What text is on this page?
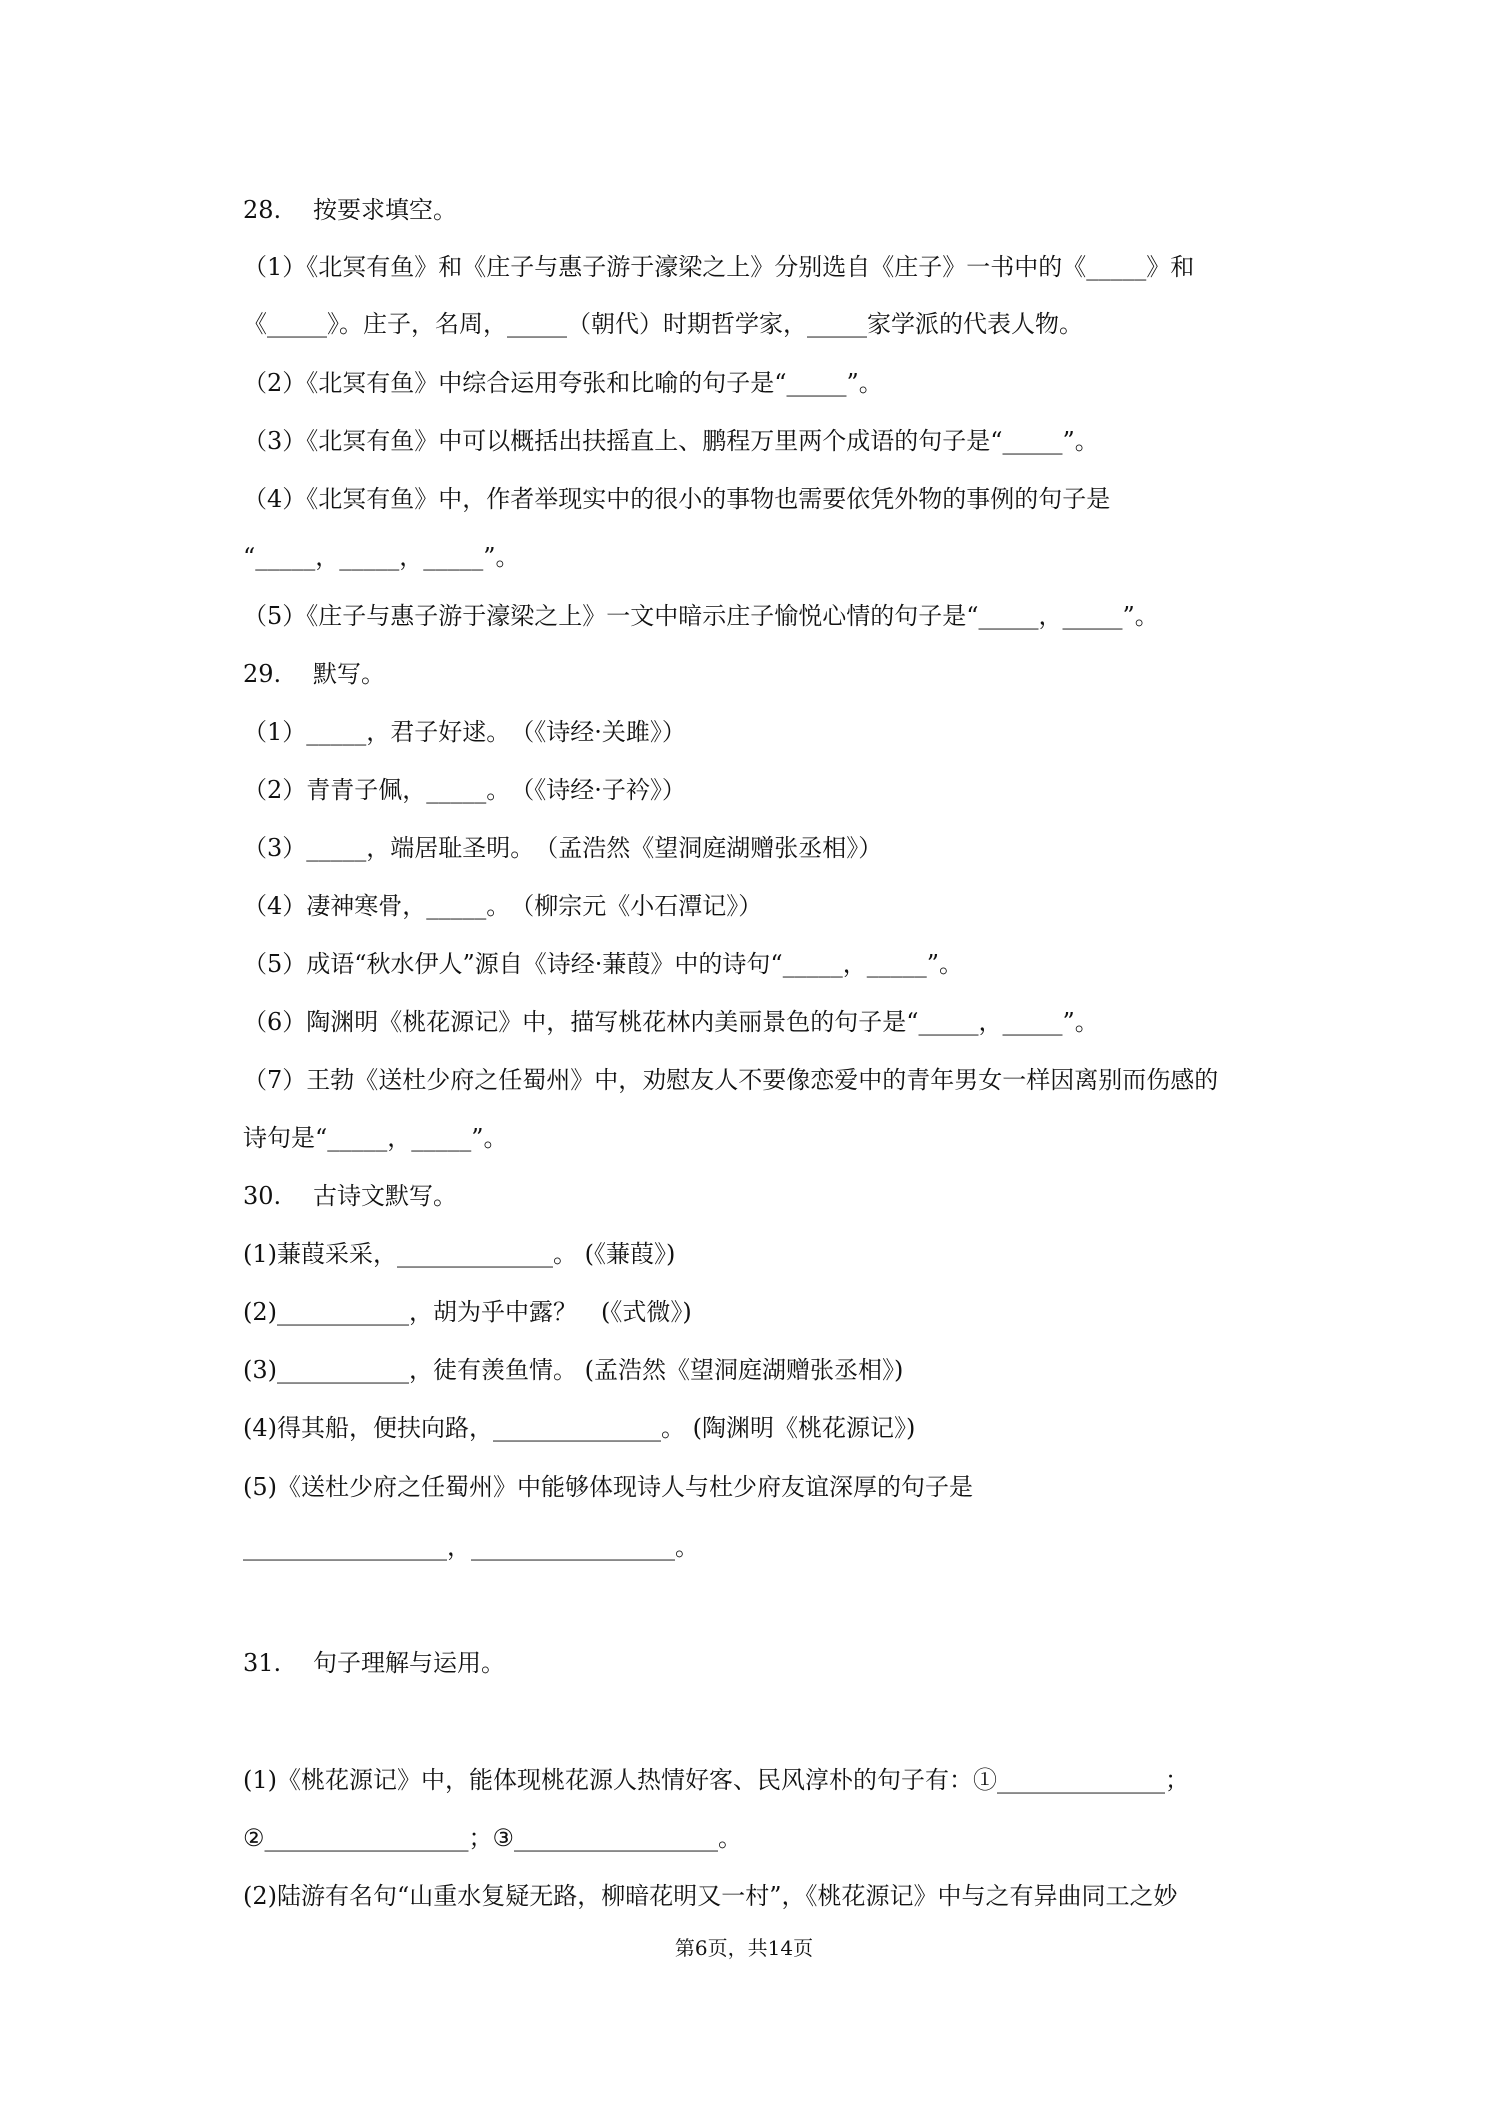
28. 按要求填空。

（1）《北冥有鱼》和《庄子与惠子游于濠梁之上》分别选自《庄子》一书中的《_____》和

《_____》。庄子，名周，_____（朝代）时期哲学家，_____家学派的代表人物。

（2）《北冥有鱼》中综合运用夸张和比喻的句子是“_____”。

（3）《北冥有鱼》中可以概括出扶摇直上、鹏程万里两个成语的句子是“_____”。

（4）《北冥有鱼》中，作者举现实中的很小的事物也需要依凭外物的事例的句子是

“_____，_____，_____”。

（5）《庄子与惠子游于濠梁之上》一文中暗示庄子愉悦心情的句子是“_____，_____”。

29. 默写。

（1）_____，君子好逑。　（《诗经·关雎》）

（2）青青子佩，_____。　（《诗经·子衿》）

（3）_____，端居耻圣明。　（孟浩然《望洞庭湖赠张丞相》）

（4）凄神寒骨，_____。　（柳宗元《小石潭记》）

（5）成语“秋水伊人”源自《诗经·蒹葭》中的诗句“_____，_____”。

（6）陶渊明《桃花源记》中，描写桃花林内美丽景色的句子是“_____，_____”。

（7）王勃《送杜少府之任蜀州》中，劝慰友人不要像恋爱中的青年男女一样因离别而伤感的

诗句是“_____，_____”。

30. 古诗文默写。

(1)蒹葭采采，_____________。 (《蒹葭》)

(2)___________，胡为乎中露？　(《式微》)

(3)___________，徒有羡鱼情。 (孟浩然《望洞庭湖赠张丞相》)

(4)得其船，便扶向路，______________。 (陶渊明《桃花源记》)

(5)《送杜少府之任蜀州》中能够体现诗人与杜少府友谊深厚的句子是

_________________，_________________。

31. 句子理解与运用。

(1)《桃花源记》中，能体现桃花源人热情好客、民风淳朴的句子有：①______________；

②_________________；③_________________。

(2)陆游有名句“山重水复疑无路，柳暗花明又一村”，《桃花源记》中与之有异曲同工之妙

第6页，共14页
